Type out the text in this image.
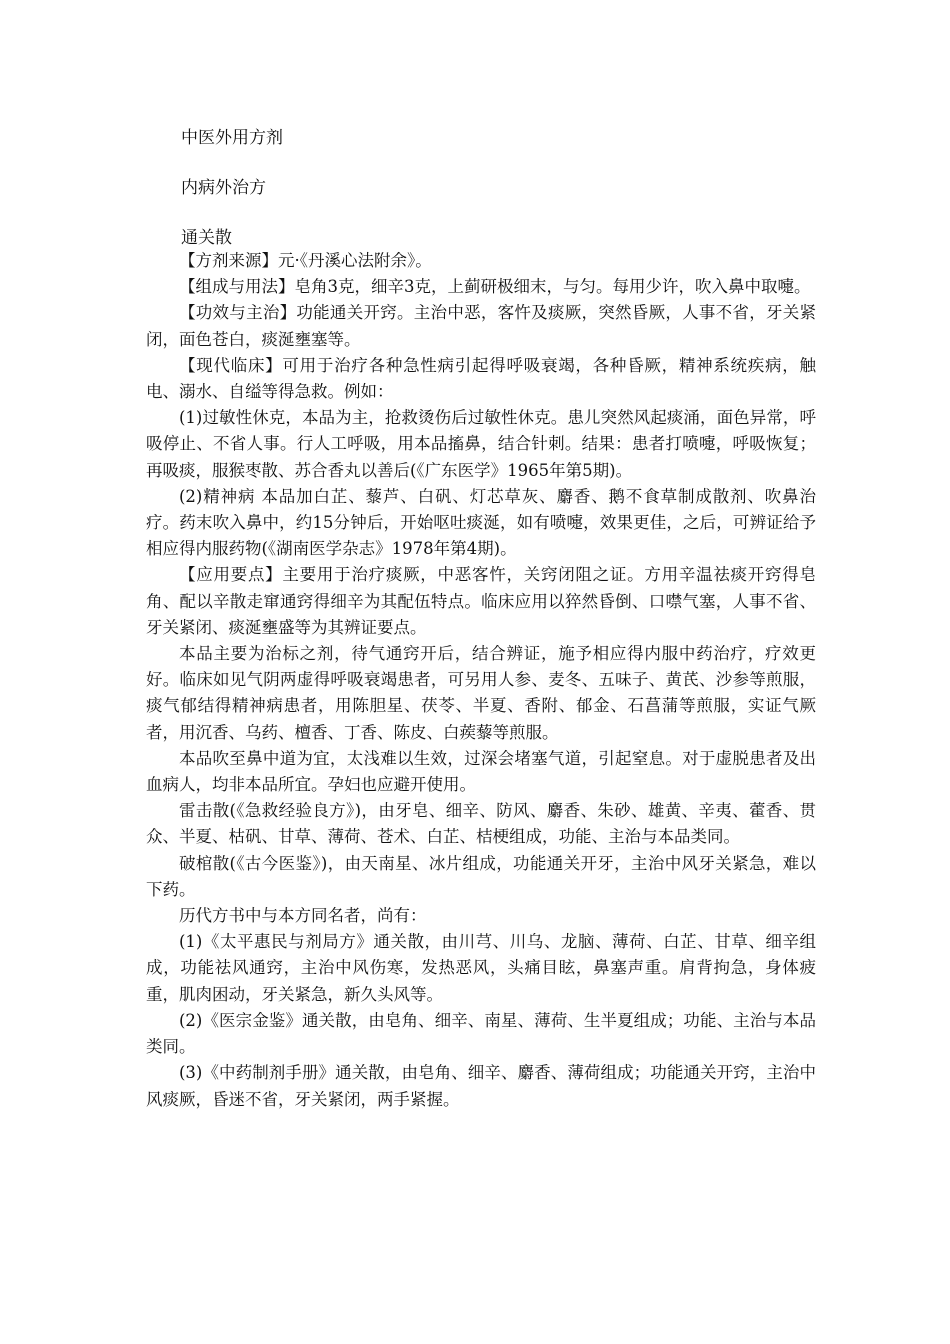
中医外用方剂
内病外治方
通关散

【方剂来源】元·《丹溪心法附余》。

【组成与用法】皂角3克，细辛3克，上蓟研极细末，与匀。每用少许，吹入鼻中取嚏。

【功效与主治】功能通关开窍。主治中恶，客忤及痰厥，突然昏厥，人事不省，牙关紧闭，面色苍白，痰涎壅塞等。

【现代临床】可用于治疗各种急性病引起得呼吸衰竭，各种昏厥，精神系统疾病，触电、溺水、自缢等得急救。例如：

(1)过敏性休克，本品为主，抢救烫伤后过敏性休克。患儿突然风起痰涌，面色异常，呼吸停止、不省人事。行人工呼吸，用本品搐鼻，结合针刺。结果：患者打喷嚏，呼吸恢复；再吸痰，服猴枣散、苏合香丸以善后(《广东医学》1965年第5期)。

(2)精神病 本品加白芷、藜芦、白矾、灯芯草灰、麝香、鹅不食草制成散剂、吹鼻治疗。药末吹入鼻中，约15分钟后，开始呕吐痰涎，如有喷嚏，效果更佳，之后，可辨证给予相应得内服药物(《湖南医学杂志》1978年第4期)。

【应用要点】主要用于治疗痰厥，中恶客忤，关窍闭阻之证。方用辛温祛痰开窍得皂角、配以辛散走窜通窍得细辛为其配伍特点。临床应用以猝然昏倒、口噤气塞，人事不省、牙关紧闭、痰涎壅盛等为其辨证要点。

本品主要为治标之剂，待气通窍开后，结合辨证，施予相应得内服中药治疗，疗效更好。临床如见气阴两虚得呼吸衰竭患者，可另用人参、麦冬、五味子、黄芪、沙参等煎服，痰气郁结得精神病患者，用陈胆星、茯苓、半夏、香附、郁金、石菖蒲等煎服，实证气厥者，用沉香、乌药、檀香、丁香、陈皮、白蒺藜等煎服。

本品吹至鼻中道为宜，太浅难以生效，过深会堵塞气道，引起窒息。对于虚脱患者及出血病人，均非本品所宜。孕妇也应避开使用。

雷击散(《急救经验良方》)，由牙皂、细辛、防风、麝香、朱砂、雄黄、辛夷、藿香、贯众、半夏、枯矾、甘草、薄荷、苍术、白芷、桔梗组成，功能、主治与本品类同。

破棺散(《古今医鉴》)，由天南星、冰片组成，功能通关开牙，主治中风牙关紧急，难以下药。

历代方书中与本方同名者，尚有：

(1)《太平惠民与剂局方》通关散，由川芎、川乌、龙脑、薄荷、白芷、甘草、细辛组成，功能祛风通窍，主治中风伤寒，发热恶风，头痛目眩，鼻塞声重。肩背拘急，身体疲重，肌肉困动，牙关紧急，新久头风等。

(2)《医宗金鉴》通关散，由皂角、细辛、南星、薄荷、生半夏组成；功能、主治与本品类同。

(3)《中药制剂手册》通关散，由皂角、细辛、麝香、薄荷组成；功能通关开窍，主治中风痰厥，昏迷不省，牙关紧闭，两手紧握。
